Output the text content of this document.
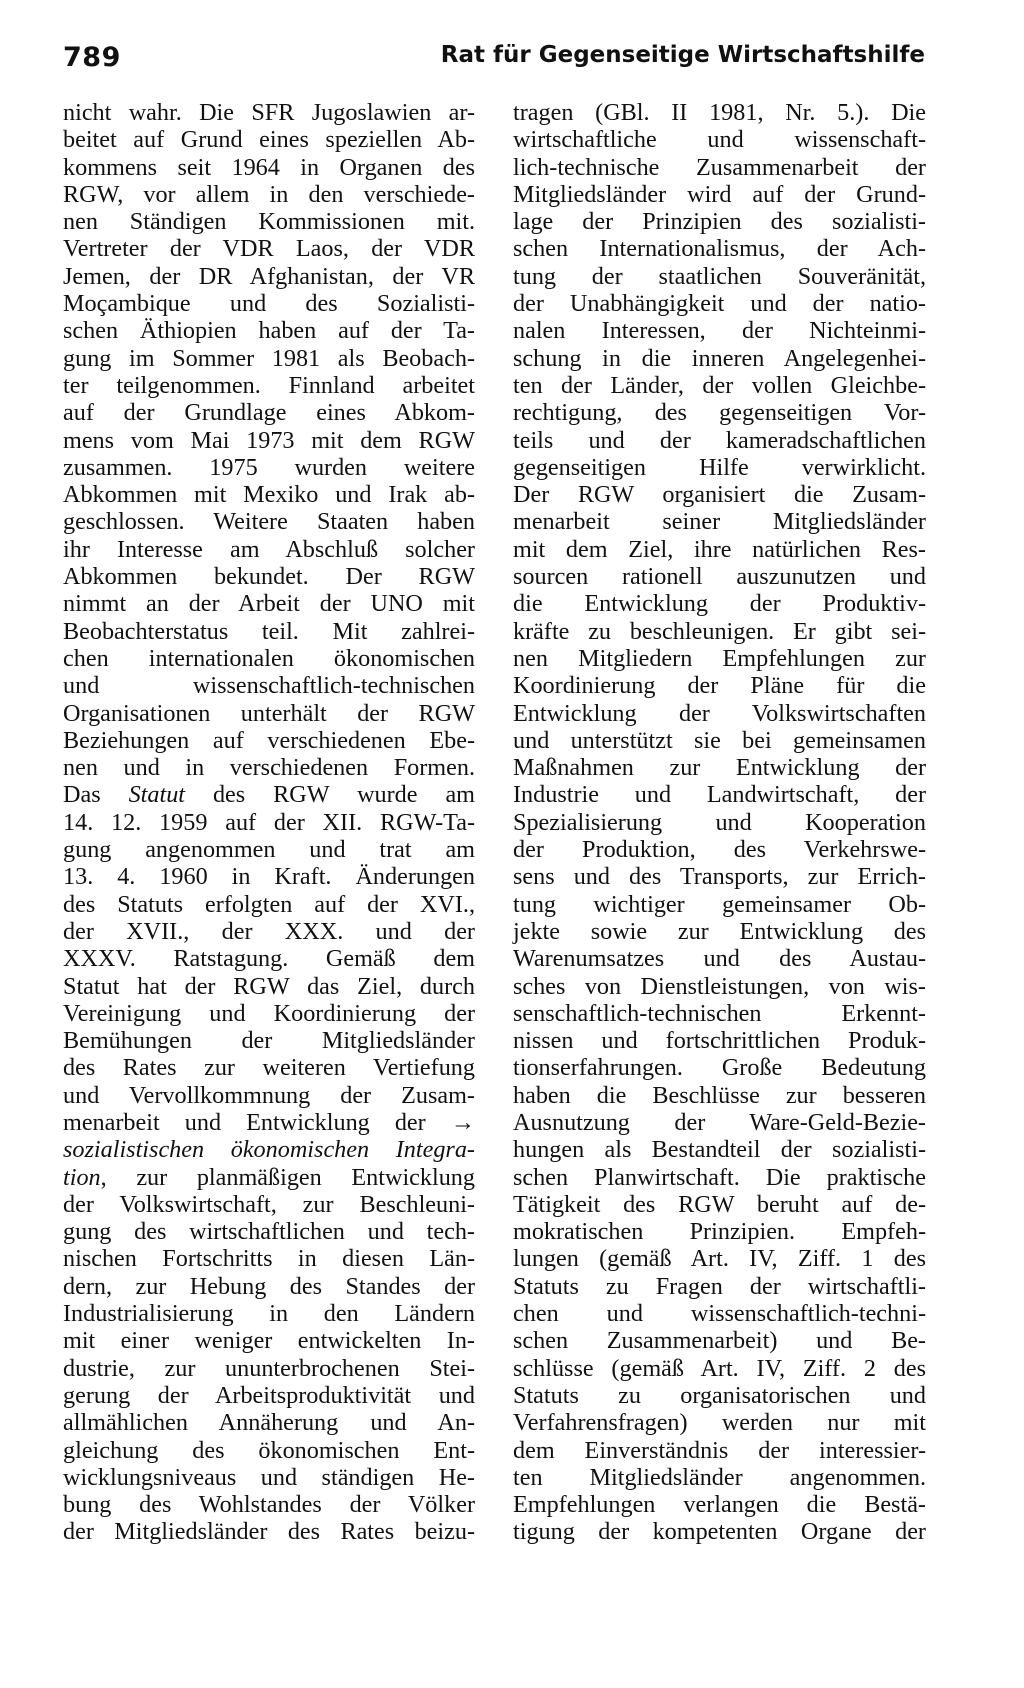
789	Rat für Gegenseitige Wirtschaftshilfe
nicht wahr. Die SFR Jugoslawien ar-
beitet auf Grund eines speziellen Ab-
kommens seit 1964 in Organen des
RGW, vor allem in den verschiede-
nen Ständigen Kommissionen mit.
Vertreter der VDR Laos, der VDR
Jemen, der DR Afghanistan, der VR
Moçambique und des Sozialisti-
schen Äthiopien haben auf der Ta-
gung im Sommer 1981 als Beobach-
ter teilgenommen. Finnland arbeitet
auf der Grundlage eines Abkom-
mens vom Mai 1973 mit dem RGW
zusammen. 1975 wurden weitere
Abkommen mit Mexiko und Irak ab-
geschlossen. Weitere Staaten haben
ihr Interesse am Abschluß solcher
Abkommen bekundet. Der RGW
nimmt an der Arbeit der UNO mit
Beobachterstatus teil. Mit zahlrei-
chen internationalen ökonomischen
und wissenschaftlich-technischen
Organisationen unterhält der RGW
Beziehungen auf verschiedenen Ebe-
nen und in verschiedenen Formen.
Das Statut des RGW wurde am
14. 12. 1959 auf der XII. RGW-Ta-
gung angenommen und trat am
13. 4. 1960 in Kraft. Änderungen
des Statuts erfolgten auf der XVI.,
der XVII., der XXX. und der
XXXV. Ratstagung. Gemäß dem
Statut hat der RGW das Ziel, durch
Vereinigung und Koordinierung der
Bemühungen der Mitgliedsländer
des Rates zur weiteren Vertiefung
und Vervollkommnung der Zusam-
menarbeit und Entwicklung der →
sozialistischen ökonomischen Integra-
tion, zur planmäßigen Entwicklung
der Volkswirtschaft, zur Beschleuni-
gung des wirtschaftlichen und tech-
nischen Fortschritts in diesen Län-
dern, zur Hebung des Standes der
Industrialisierung in den Ländern
mit einer weniger entwickelten In-
dustrie, zur ununterbrochenen Stei-
gerung der Arbeitsproduktivität und
allmählichen Annäherung und An-
gleichung des ökonomischen Ent-
wicklungsniveaus und ständigen He-
bung des Wohlstandes der Völker
der Mitgliedsländer des Rates beizu-
tragen (GBl. II 1981, Nr. 5.). Die
wirtschaftliche und wissenschaft-
lich-technische Zusammenarbeit der
Mitgliedsländer wird auf der Grund-
lage der Prinzipien des sozialisti-
schen Internationalismus, der Ach-
tung der staatlichen Souveränität,
der Unabhängigkeit und der natio-
nalen Interessen, der Nichteinmi-
schung in die inneren Angelegenhei-
ten der Länder, der vollen Gleichbe-
rechtigung, des gegenseitigen Vor-
teils und der kameradschaftlichen
gegenseitigen Hilfe verwirklicht.
Der RGW organisiert die Zusam-
menarbeit seiner Mitgliedsländer
mit dem Ziel, ihre natürlichen Res-
sourcen rationell auszunutzen und
die Entwicklung der Produktiv-
kräfte zu beschleunigen. Er gibt sei-
nen Mitgliedern Empfehlungen zur
Koordinierung der Pläne für die
Entwicklung der Volkswirtschaften
und unterstützt sie bei gemeinsamen
Maßnahmen zur Entwicklung der
Industrie und Landwirtschaft, der
Spezialisierung und Kooperation
der Produktion, des Verkehrswe-
sens und des Transports, zur Errich-
tung wichtiger gemeinsamer Ob-
jekte sowie zur Entwicklung des
Warenumsatzes und des Austau-
sches von Dienstleistungen, von wis-
senschaftlich-technischen Erkennt-
nissen und fortschrittlichen Produk-
tionserfahrungen. Große Bedeutung
haben die Beschlüsse zur besseren
Ausnutzung der Ware-Geld-Bezie-
hungen als Bestandteil der sozialisti-
schen Planwirtschaft. Die praktische
Tätigkeit des RGW beruht auf de-
mokratischen Prinzipien. Empfeh-
lungen (gemäß Art. IV, Ziff. 1 des
Statuts zu Fragen der wirtschaftli-
chen und wissenschaftlich-techni-
schen Zusammenarbeit) und Be-
schlüsse (gemäß Art. IV, Ziff. 2 des
Statuts zu organisatorischen und
Verfahrensfragen) werden nur mit
dem Einverständnis der interessier-
ten Mitgliedsländer angenommen.
Empfehlungen verlangen die Bestä-
tigung der kompetenten Organe der
